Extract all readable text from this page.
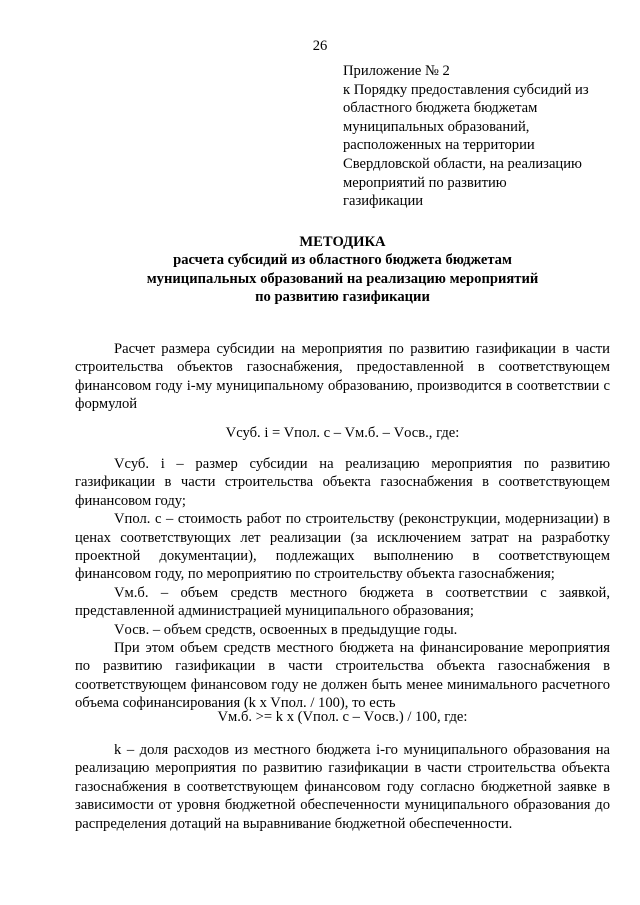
26
Приложение № 2
к Порядку предоставления субсидий из
областного бюджета бюджетам
муниципальных образований,
расположенных на территории
Свердловской области, на реализацию
мероприятий по развитию
газификации
МЕТОДИКА
расчета субсидий из областного бюджета бюджетам
муниципальных образований на реализацию мероприятий
по развитию газификации

Расчет размера субсидии на мероприятия по развитию газификации в части строительства объектов газоснабжения, предоставленной в соответствующем финансовом году i-му муниципальному образованию, производится в соответствии с формулой

Vсуб. i = Vпол. c – Vм.б. – Vосв., где:

Vсуб. i – размер субсидии на реализацию мероприятия по развитию газификации в части строительства объекта газоснабжения в соответствующем финансовом году;

Vпол. с – стоимость работ по строительству (реконструкции, модернизации) в ценах соответствующих лет реализации (за исключением затрат на разработку проектной документации), подлежащих выполнению в соответствующем финансовом году, по мероприятию по строительству объекта газоснабжения;

Vм.б. – объем средств местного бюджета в соответствии с заявкой, представленной администрацией муниципального образования;

Vосв. – объем средств, освоенных в предыдущие годы.

При этом объем средств местного бюджета на финансирование мероприятия по развитию газификации в части строительства объекта газоснабжения в соответствующем финансовом году не должен быть менее минимального расчетного объема софинансирования (k x Vпол. / 100), то есть

Vм.б. >= k x (Vпол. с – Vосв.) / 100, где:

k – доля расходов из местного бюджета i-го муниципального образования на реализацию мероприятия по развитию газификации в части строительства объекта газоснабжения в соответствующем финансовом году согласно бюджетной заявке в зависимости от уровня бюджетной обеспеченности муниципального образования до распределения дотаций на выравнивание бюджетной обеспеченности.
